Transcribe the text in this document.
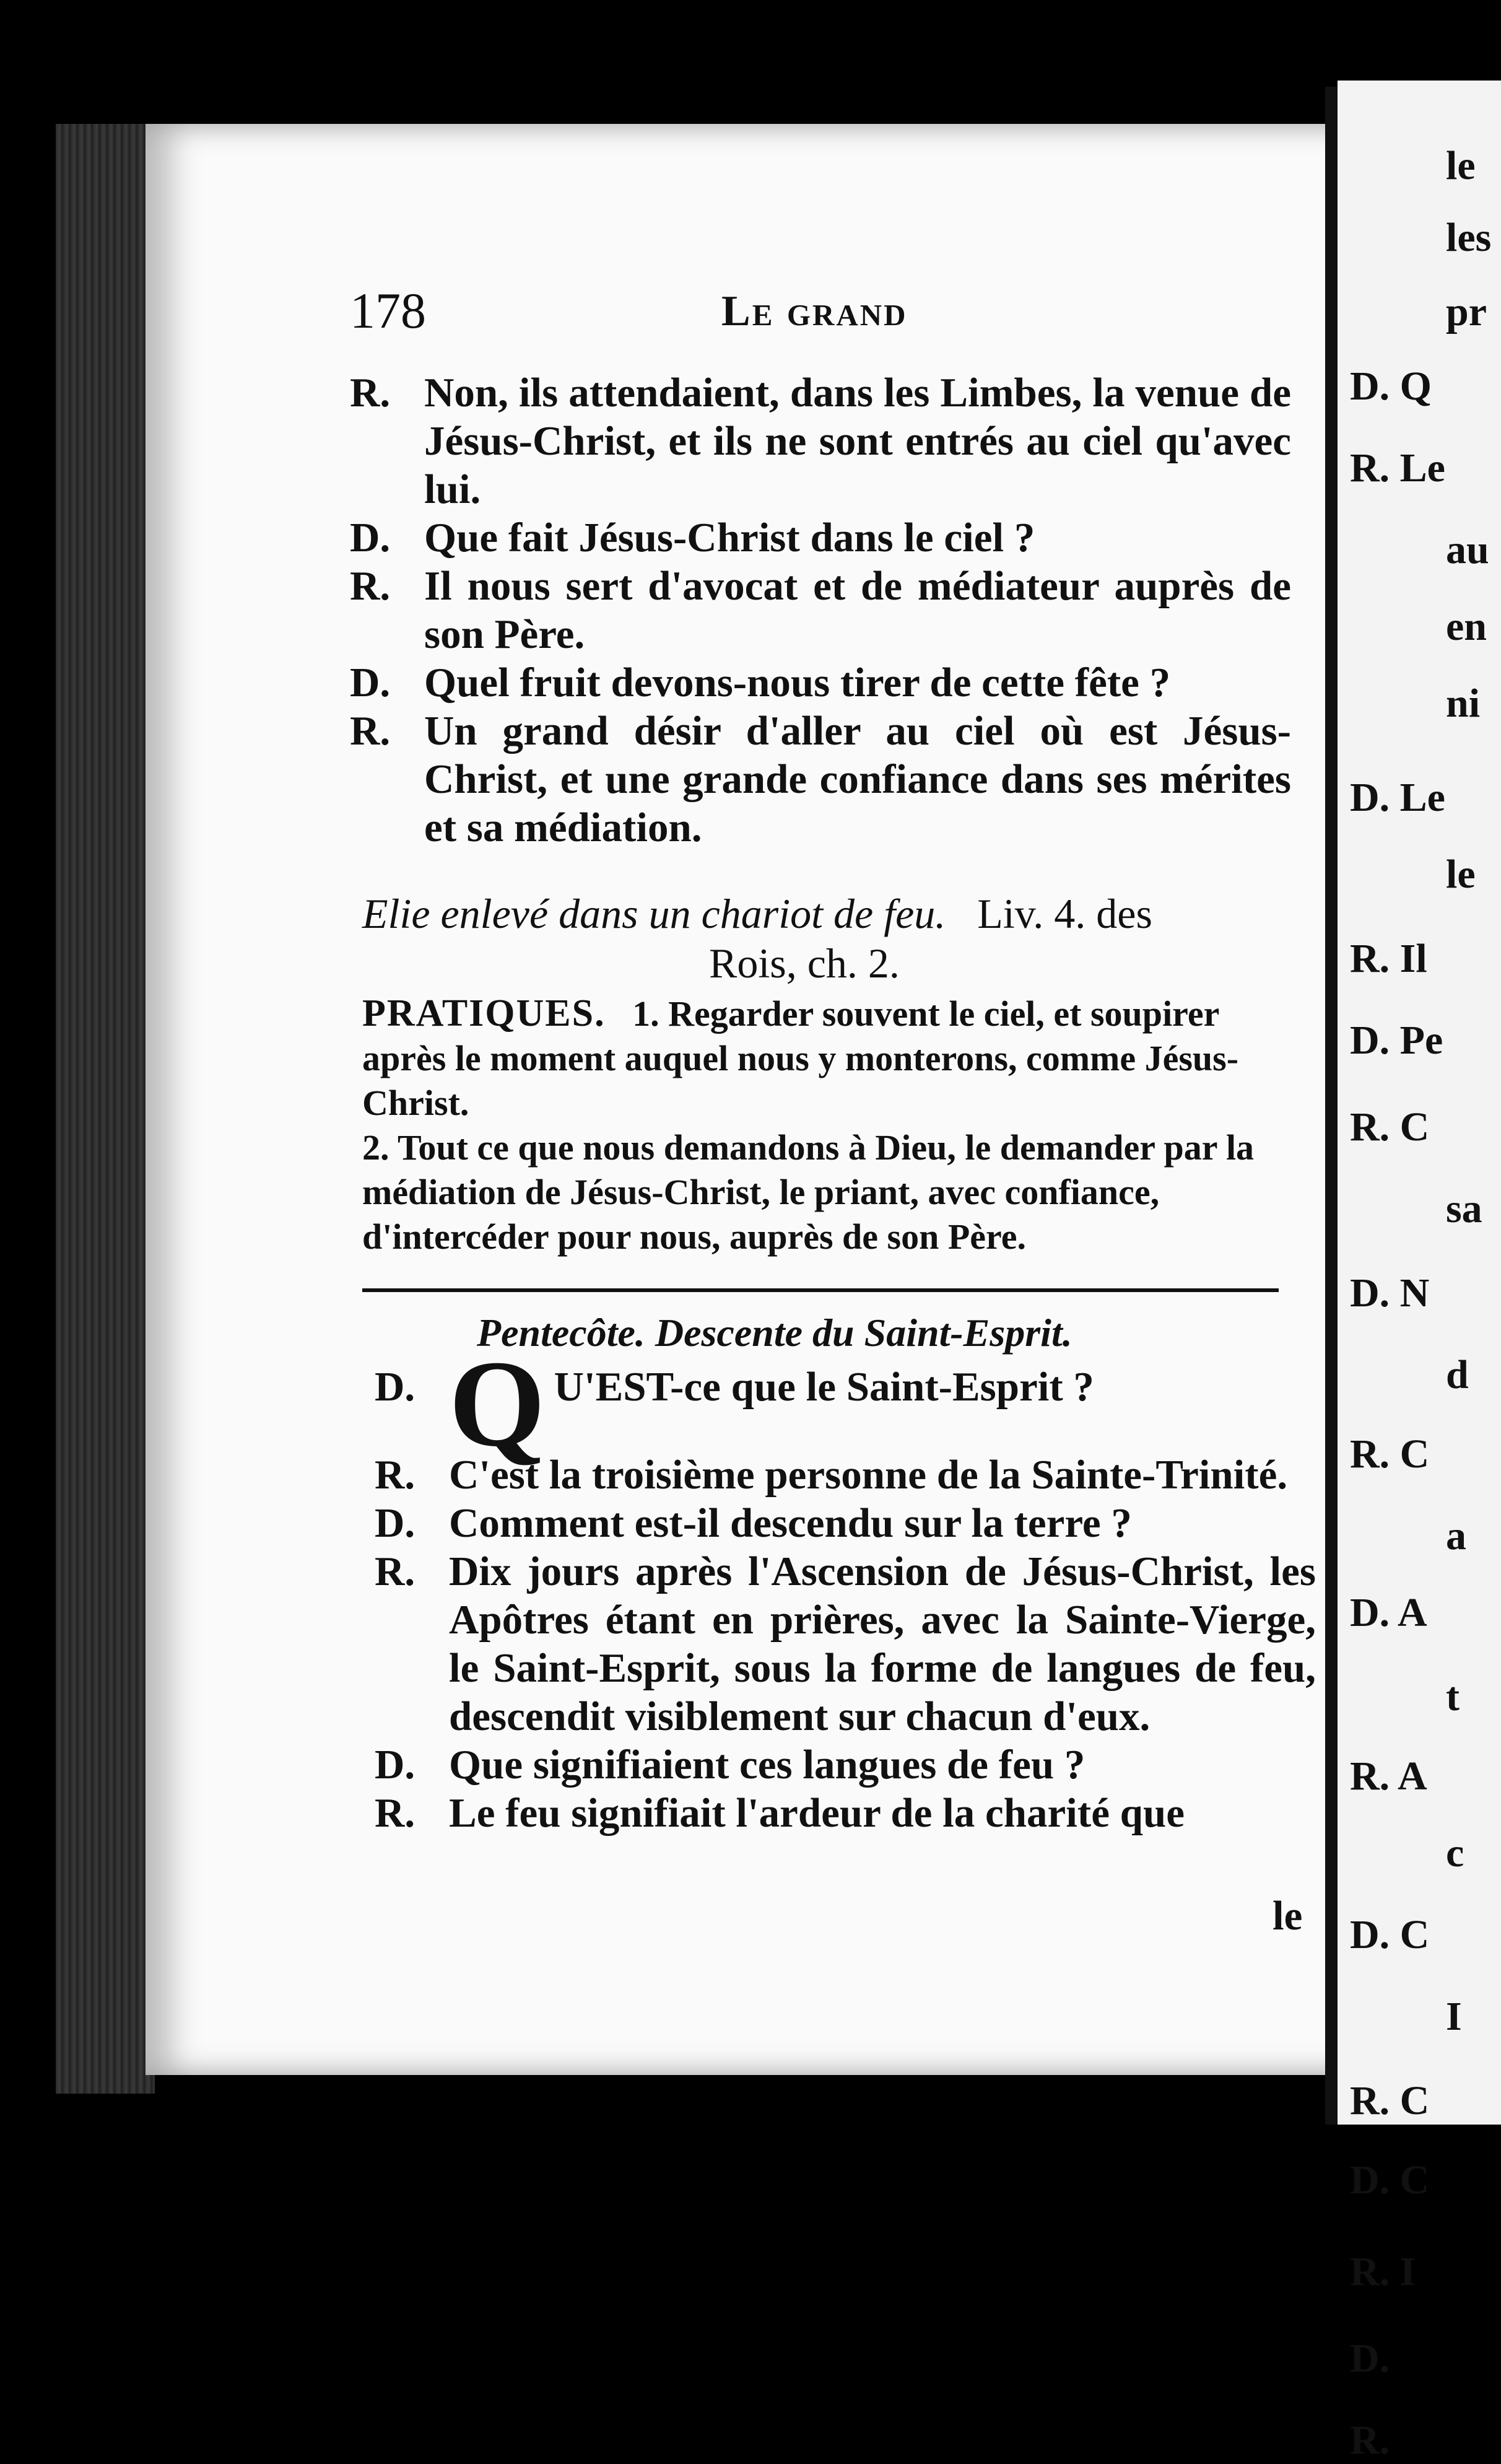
le
les
pr
D. Q
R. Le
au
en
ni
D. Le
le
R. Il
D. Pe
R. C
sa
D. N
d
R. C
a
D. A
t
R. A
c
D. C
I
R. C
D. C
R. I
D.
R.
178	Le grand
R. Non, ils attendaient, dans les Limbes, la venue de Jésus-Christ, et ils ne sont entrés au ciel qu'avec lui.
D. Que fait Jésus-Christ dans le ciel ?
R. Il nous sert d'avocat et de médiateur auprès de son Père.
D. Quel fruit devons-nous tirer de cette fête ?
R. Un grand désir d'aller au ciel où est Jésus-Christ, et une grande confiance dans ses mérites et sa médiation.
Elie enlevé dans un chariot de feu. Liv. 4. des
Rois, ch. 2.
PRATIQUES. 1. Regarder souvent le ciel, et soupirer après le moment auquel nous y monterons, comme Jésus-Christ.
2. Tout ce que nous demandons à Dieu, le demander par la médiation de Jésus-Christ, le priant, avec confiance, d'intercéder pour nous, auprès de son Père.
Pentecôte. Descente du Saint-Esprit.
D. Q U'EST-ce que le Saint-Esprit ?
R. C'est la troisième personne de la Sainte-Trinité.
D. Comment est-il descendu sur la terre ?
R. Dix jours après l'Ascension de Jésus-Christ, les Apôtres étant en prières, avec la Sainte-Vierge, le Saint-Esprit, sous la forme de langues de feu, descendit visiblement sur chacun d'eux.
D. Que signifiaient ces langues de feu ?
R. Le feu signifiait l'ardeur de la charité que
le
